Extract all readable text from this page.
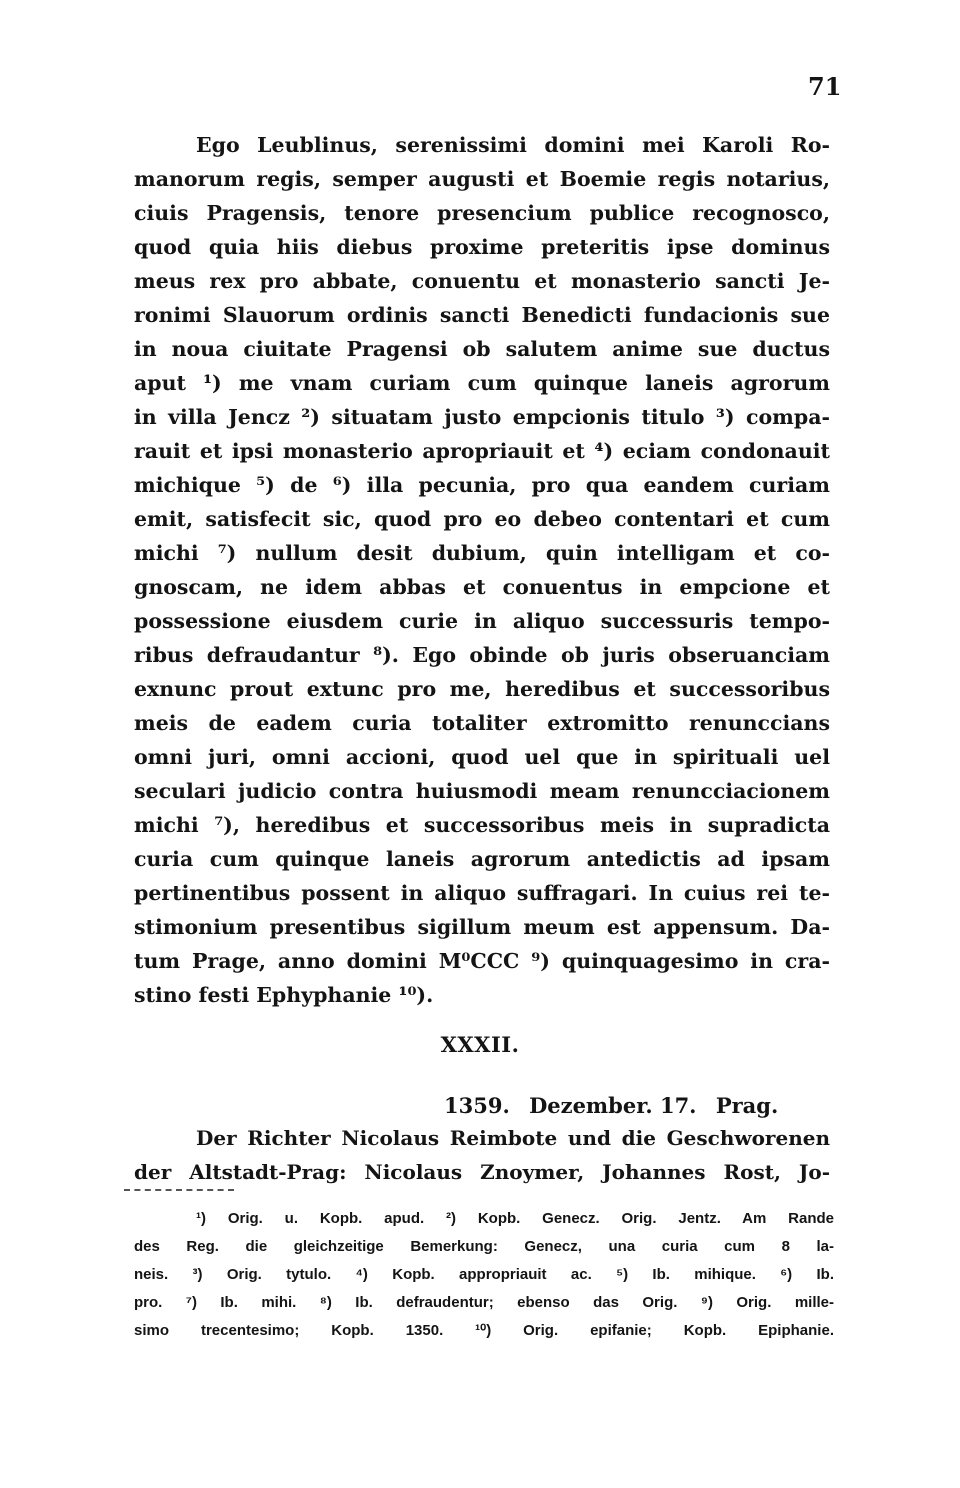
71
Ego Leublinus, serenissimi domini mei Karoli Ro-
manorum regis, semper augusti et Boemie regis notarius,
ciuis Pragensis, tenore presencium publice recognosco,
quod quia hiis diebus proxime preteritis ipse dominus
meus rex pro abbate, conuentu et monasterio sancti Je-
ronimi Slauorum ordinis sancti Benedicti fundacionis sue
in noua ciuitate Pragensi ob salutem anime sue ductus
aput ¹) me vnam curiam cum quinque laneis agrorum
in villa Jencz ²) situatam justo empcionis titulo ³) compa-
rauit et ipsi monasterio apropriauit et ⁴) eciam condonauit
michique ⁵) de ⁶) illa pecunia, pro qua eandem curiam
emit, satisfecit sic, quod pro eo debeo contentari et cum
michi ⁷) nullum desit dubium, quin intelligam et co-
gnoscam, ne idem abbas et conuentus in empcione et
possessione eiusdem curie in aliquo successuris tempo-
ribus defraudantur ⁸). Ego obinde ob juris obseruanciam
exnunc prout extunc pro me, heredibus et successoribus
meis de eadem curia totaliter extromitto renunccians
omni juri, omni accioni, quod uel que in spirituali uel
seculari judicio contra huiusmodi meam renuncciacionem
michi ⁷), heredibus et successoribus meis in supradicta
curia cum quinque laneis agrorum antedictis ad ipsam
pertinentibus possent in aliquo suffragari. In cuius rei te-
stimonium presentibus sigillum meum est appensum. Da-
tum Prage, anno domini M⁰CCC ⁹) quinquagesimo in cra-
stino festi Ephyphanie ¹⁰).
XXXII.
1359. Dezember. 17. Prag.
Der Richter Nicolaus Reimbote und die Geschworenen
der Altstadt-Prag: Nicolaus Znoymer, Johannes Rost, Jo-
¹) Orig. u. Kopb. apud. ²) Kopb. Genecz. Orig. Jentz. Am Rande
des Reg. die gleichzeitige Bemerkung: Genecz, una curia cum 8 la-
neis. ³) Orig. tytulo. ⁴) Kopb. appropriauit ac. ⁵) Ib. mihique. ⁶) Ib.
pro. ⁷) Ib. mihi. ⁸) Ib. defraudentur; ebenso das Orig. ⁹) Orig. mille-
simo trecentesimo; Kopb. 1350. ¹⁰) Orig. epifanie; Kopb. Epiphanie.
